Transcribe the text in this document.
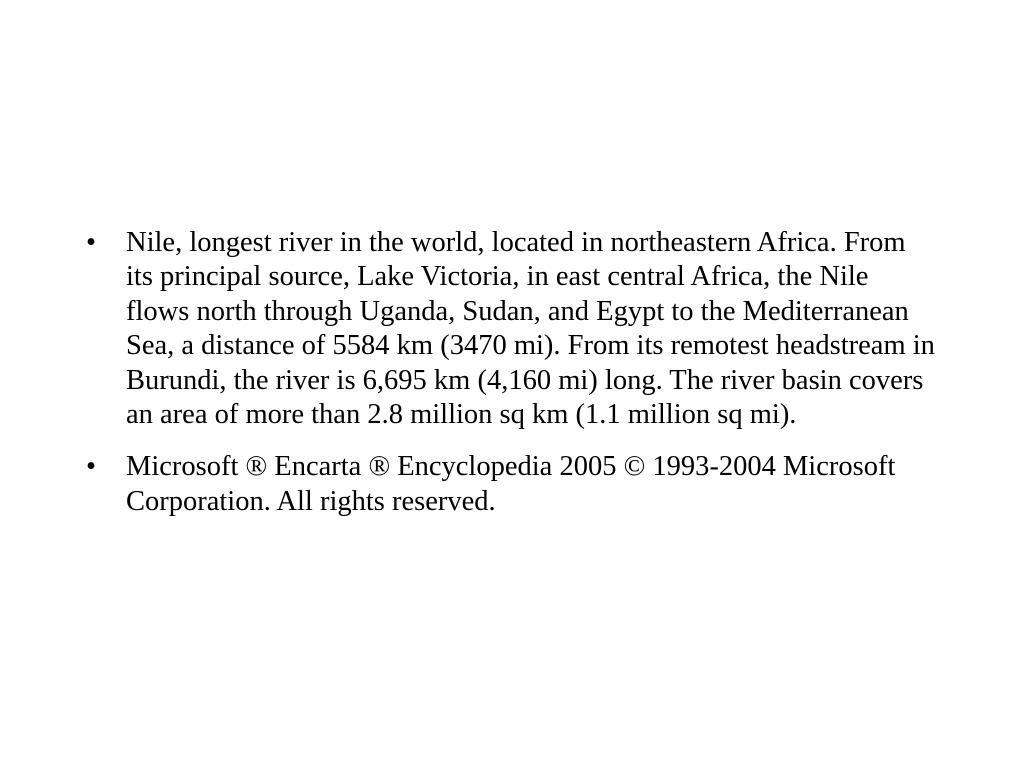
•	Nile, longest river in the world, located in northeastern Africa. From its principal source, Lake Victoria, in east central Africa, the Nile flows north through Uganda, Sudan, and Egypt to the Mediterranean Sea, a distance of 5584 km (3470 mi). From its remotest headstream in Burundi, the river is 6,695 km (4,160 mi) long. The river basin covers an area of more than 2.8 million sq km (1.1 million sq mi).
•	Microsoft ® Encarta ® Encyclopedia 2005 © 1993-2004 Microsoft Corporation. All rights reserved.
